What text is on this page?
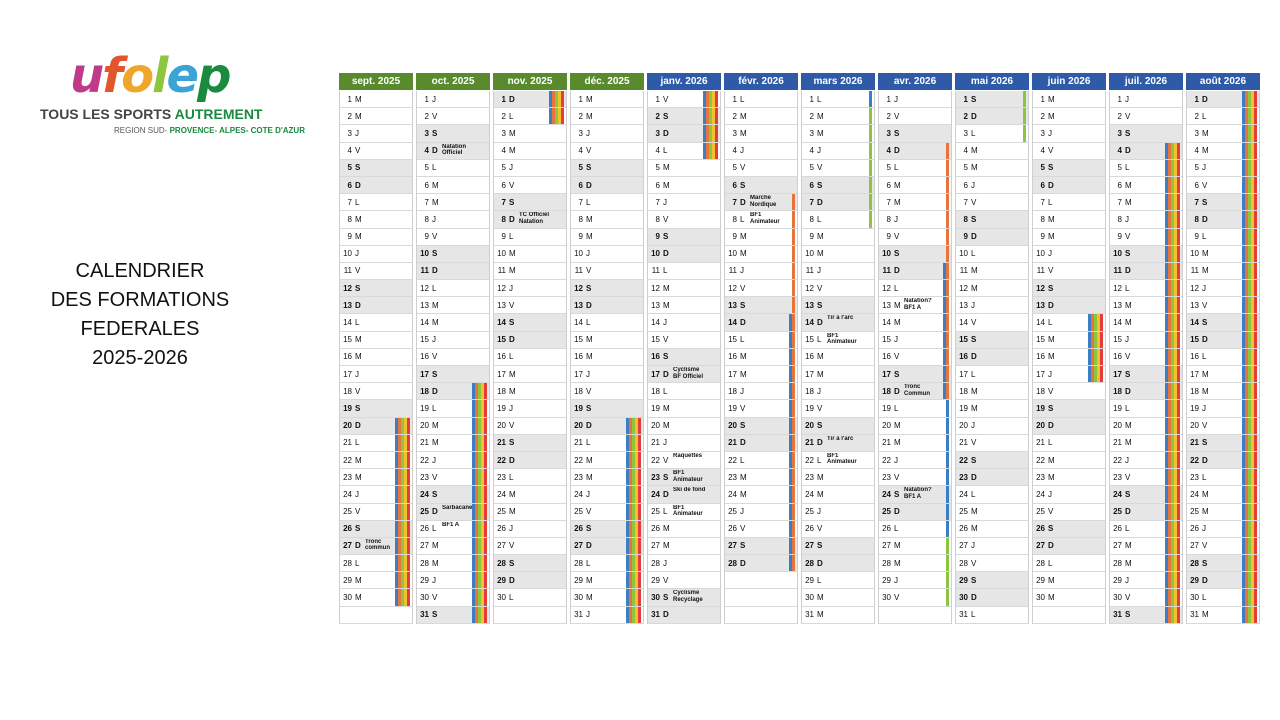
ufolep
TOUS LES SPORTS AUTREMENT
REGION SUD- PROVENCE- ALPES- COTE D'AZUR
CALENDRIER
DES FORMATIONS
FEDERALES
2025-2026
sept. 2025
1 M
2 M
3 J
4 V
5 S
6 D
7 L
8 M
9 M
10 J
11 V
12 S
13 D
14 L
15 M
16 M
17 J
18 V
19 S
20 D
21 L
22 M
23 M
24 J
25 V
26 S
27 D Tronc commun
28 L
29 M
30 M
oct. 2025
1 J
2 V
3 S
4 D Natation Officiel
5 L
6 M
7 M
8 J
9 V
10 S
11 D
12 L
13 M
14 M
15 J
16 V
17 S
18 D
19 L
20 M
21 M
22 J
23 V
24 S
25 D Sarbacane
26 L BF1 A
27 M
28 M
29 J
30 V
31 S
nov. 2025
1 D
2 L
3 M
4 M
5 J
6 V
7 S
8 D TC Officiel Natation
9 L
10 M
11 M
12 J
13 V
14 S
15 D
16 L
17 M
18 M
19 J
20 V
21 S
22 D
23 L
24 M
25 M
26 J
27 V
28 S
29 D
30 L
déc. 2025
1 M
2 M
3 J
4 V
5 S
6 D
7 L
8 M
9 M
10 J
11 V
12 S
13 D
14 L
15 M
16 M
17 J
18 V
19 S
20 D
21 L
22 M
23 M
24 J
25 V
26 S
27 D
28 L
29 M
30 M
31 J
janv. 2026
1 V
2 S
3 D
4 L
5 M
6 M
7 J
8 V
9 S
10 D
11 L
12 M
13 M
14 J
15 V
16 S
17 D Cyclisme BF Officiel
18 L
19 M
20 M
21 J
22 V Raquettes
23 S BF1 Animateur
24 D Ski de fond
25 L BF1 Animateur
26 M
27 M
28 J
29 V
30 S Cyclisme Recyclage
31 D
févr. 2026
1 L
2 M
3 M
4 J
5 V
6 S
7 D Marche Nordique
8 L BF1 Animateur
9 M
10 M
11 J
12 V
13 S
14 D
15 L
16 M
17 M
18 J
19 V
20 S
21 D
22 L
23 M
24 M
25 J
26 V
27 S
28 D
mars 2026
1 L
2 M
3 M
4 J
5 V
6 S
7 D
8 L
9 M
10 M
11 J
12 V
13 S
14 D Tir à l'arc
15 L BF1 Animateur
16 M
17 M
18 J
19 V
20 S
21 D Tir à l'arc
22 L BF1 Animateur
23 M
24 M
25 J
26 V
27 S
28 D
29 L
30 M
31 M
avr. 2026
1 J
2 V
3 S
4 D
5 L
6 M
7 M
8 J
9 V
10 S
11 D
12 L
13 M Natation? BF1 A
14 M
15 J
16 V
17 S
18 D Tronc Commun
19 L
20 M
21 M
22 J
23 V
24 S Natation? BF1 A
25 D
26 L
27 M
28 M
29 J
30 V
mai 2026
1 S
2 D
3 L
4 M
5 M
6 J
7 V
8 S
9 D
10 L
11 M
12 M
13 J
14 V
15 S
16 D
17 L
18 M
19 M
20 J
21 V
22 S
23 D
24 L
25 M
26 M
27 J
28 V
29 S
30 D
31 L
juin 2026
1 M
2 M
3 J
4 V
5 S
6 D
7 L
8 M
9 M
10 J
11 V
12 S
13 D
14 L
15 M
16 M
17 J
18 V
19 S
20 D
21 L
22 M
23 M
24 J
25 V
26 S
27 D
28 L
29 M
30 M
juil. 2026
1 J
2 V
3 S
4 D
5 L
6 M
7 M
8 J
9 V
10 S
11 D
12 L
13 M
14 M
15 J
16 V
17 S
18 D
19 L
20 M
21 M
22 J
23 V
24 S
25 D
26 L
27 M
28 M
29 J
30 V
31 S
août 2026
1 D
2 L
3 M
4 M
5 J
6 V
7 S
8 D
9 L
10 M
11 M
12 J
13 V
14 S
15 D
16 L
17 M
18 M
19 J
20 V
21 S
22 D
23 L
24 M
25 M
26 J
27 V
28 S
29 D
30 L
31 M
